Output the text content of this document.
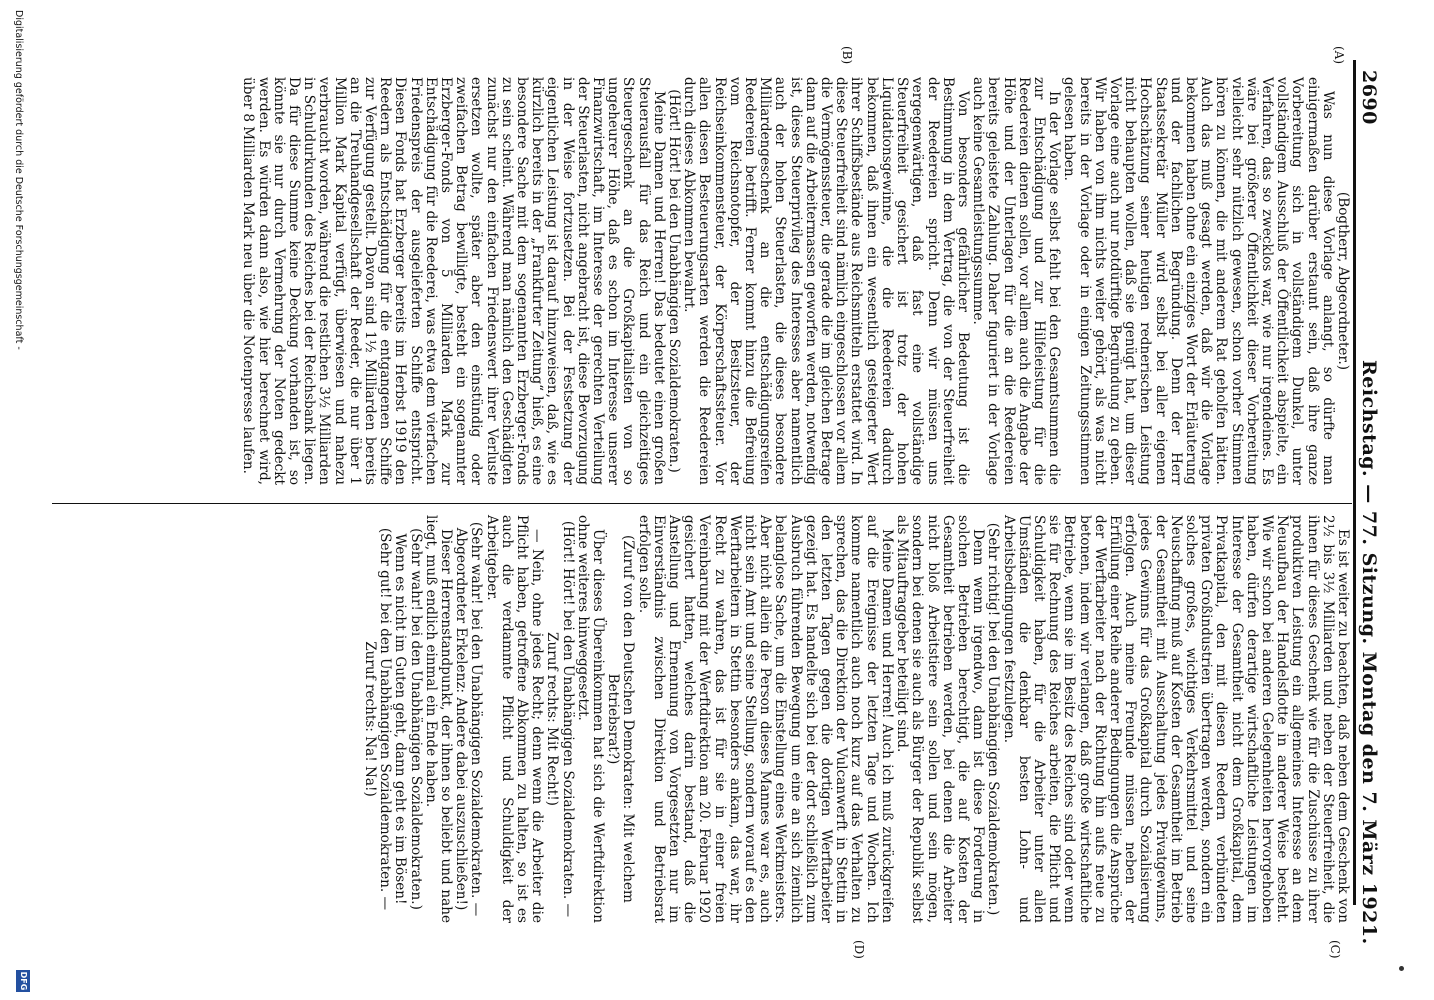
2690
Reichstag. — 77. Sitzung. Montag den 7. März 1921.
(A)
(B)
(C)
(D)

(Bogtherr, Abgeordneter.)

Was nun diese Vorlage anlangt, so dürfte man einigermaßen darüber erstaunt sein, daß ihre ganze Vorbereitung sich in vollständigem Dunkel, unter vollständigem Ausschluß der Öffentlichkeit abspielte, ein Verfahren, das so zwecklos war, wie nur irgendeines. Es wäre bei größerer Öffentlichkeit dieser Vorbereitung vielleicht sehr nützlich gewesen, schon vorher Stimmen hören zu können, die mit anderem Rat geholfen hätten. Auch das muß gesagt werden, daß wir die Vorlage bekommen haben ohne ein einziges Wort der Erläuterung und der fachlichen Begründung. Denn der Herr Staatssekretär Müller wird selbst bei aller eigenen Hochschätzung seiner heutigen rednerischen Leistung nicht behaupten wollen, daß sie genügt hat, um dieser Vorlage eine auch nur notdürftige Begründung zu geben. Wir haben von ihm nichts weiter gehört, als was nicht bereits in der Vorlage oder in einigen Zeitungsstimmen gelesen haben.

In der Vorlage selbst fehlt bei den Gesamtsummen die zur Entschädigung und zur Hilfeleistung für die Reedereien dienen sollen, vor allem auch die Angabe der Höhe und der Unterlagen für die an die Reedereien bereits geleistete Zahlung. Daher figuriert in der Vorlage auch keine Gesamtleistungssumme.

Von besonders gefährlicher Bedeutung ist die Bestimmung in dem Vertrag, die von der Steuerfreiheit der Reedereien spricht. Denn wir müssen uns vergegenwärtigen, daß fast eine vollständige Steuerfreiheit gesichert ist trotz der hohen Liquidationsgewinne, die die Reedereien dadurch bekommen, daß ihnen ein wesentlich gesteigerter Wert ihrer Schiffsbestände aus Reichsmitteln erstattet wird. In diese Steuerfreiheit sind nämlich eingeschlossen vor allem die Vermögenssteuer, die gerade die im gleichen Betrage dann auf die Arbeitermassen geworfen werden, notwendig ist, dieses Steuerprivileg des Interesses aber namentlich auch der hohen Steuerlasten, die dieses besondere Milliardengeschenk an die entschädigungsreifen Reedereien betrifft. Ferner kommt hinzu die Befreiung vom Reichsnotopfer, der Besitzsteuer, der Reichseinkommensteuer, der Körperschaftssteuer. Vor allen diesen Besteuerungsarten werden die Reedereien durch dieses Abkommen bewahrt.

(Hört! Hört! bei den Unabhängigen Sozialdemokraten.)

Meine Damen und Herren! Das bedeutet einen großen Steuerausfall für das Reich und ein gleichzeitiges Steuergeschenk an die Großkapitalisten von so ungeheurer Höhe, daß es schon im Interesse unserer Finanzwirtschaft, im Interesse der gerechten Verteilung der Steuerlasten, nicht angebracht ist, diese Bevorzugung in der Weise fortzusetzen. Bei der Festsetzung der eigentlichen Leistung ist darauf hinzuweisen, daß, wie es kürzlich bereits in der „Frankfurter Zeitung“ hieß, es eine besondere Sache mit dem sogenannten Erzberger-Fonds zu sein scheint. Während man nämlich den Geschädigten zunächst nur den einfachen Friedenswert ihrer Verluste ersetzen wollte, später aber den einstündig oder zweifachen Betrag bewilligte, besteht ein sogenannter Erzberger-Fonds von 5 Milliarden Mark zur Entschädigung für die Reederei, was etwa dem vierfachen Friedenspreis der ausgelieferten Schiffe entspricht. Diesen Fonds hat Erzberger bereits im Herbst 1919 den Reedern als Entschädigung für die entgangenen Schiffe zur Verfügung gestellt. Davon sind 1½ Milliarden bereits an die Treuhandgesellschaft der Reeder, die nur über 1 Million Mark Kapital verfügt, überwiesen und nahezu verbraucht worden, während die restlichen 3½ Milliarden in Schuldurkunden des Reiches bei der Reichsbank liegen. Da für diese Summe keine Deckung vorhanden ist, so könnte sie nur durch Vermehrung der Noten gedeckt werden. Es würden dann also, wie hier berechnet wird, über 8 Milliarden Mark neu über die Notenpresse laufen.

Es ist weiter zu beachten, daß neben dem Geschenk von 2½ bis 3½ Milliarden und neben der Steuerfreiheit, die ihnen für dieses Geschenk wie für die Zuschüsse zu ihrer produktiven Leistung ein allgemeines Interesse an dem Neuaufbau der Handelsflotte in anderer Weise besteht. Wie wir schon bei anderen Gelegenheiten hervorgehoben haben, dürfen derartige wirtschaftliche Leistungen im Interesse der Gesamtheit nicht dem Großkapital, dem Privatkapital, den mit diesen Reedern verbündeten privaten Großindustrien übertragen werden, sondern ein solches großes, wichtiges Verkehrsmittel und seine Neuschaffung muß auf Kosten der Gesamtheit im Betrieb der Gesamtheit mit Ausschaltung jedes Privatgewinns, jedes Gewinns für das Großkapital durch Sozialisierung erfolgen. Auch meine Freunde müssen neben der Erfüllung einer Reihe anderer Bedingungen die Ansprüche der Werftarbeiter nach der Richtung hin aufs neue zu betonen, indem wir verlangen, daß große wirtschaftliche Betriebe, wenn sie im Besitz des Reiches sind oder wenn sie für Rechnung des Reiches arbeiten, die Pflicht und Schuldigkeit haben, für die Arbeiter unter allen Umständen die denkbar besten Lohn- und Arbeitsbedingungen festzulegen.

(Sehr richtig! bei den Unabhängigen Sozialdemokraten.)

Denn wenn irgendwo, dann ist diese Forderung in solchen Betrieben berechtigt, die auf Kosten der Gesamtheit betrieben werden, bei denen die Arbeiter nicht bloß Arbeitstiere sein sollen und sein mögen, sondern bei denen sie auch als Bürger der Republik selbst als Mitauftraggeber beteiligt sind.

Meine Damen und Herren! Auch ich muß zurückgreifen auf die Ereignisse der letzten Tage und Wochen. Ich komme namentlich auch noch kurz auf das Verhalten zu sprechen, das die Direktion der Vulcanwerft in Stettin in den letzten Tagen gegen die dortigen Werftarbeiter gezeigt hat. Es handelte sich bei der dort schließlich zum Ausbruch führenden Bewegung um eine an sich ziemlich belanglose Sache, um die Einstellung eines Werkmeisters. Aber nicht allein die Person dieses Mannes war es, auch nicht sein Amt und seine Stellung, sondern worauf es den Werftarbeitern in Stettin besonders ankam, das war, ihr Recht zu wahren, das ist für sie in einer freien Vereinbarung mit der Werftdirektion am 20. Februar 1920 gesichert hatten, welches darin bestand, daß die Anstellung und Ernennung von Vorgesetzten nur im Einverständnis zwischen Direktion und Betriebsrat erfolgen solle.

(Zuruf von den Deutschen Demokraten: Mit welchem Betriebsrat?)

Über dieses Übereinkommen hat sich die Werftdirektion ohne weiteres hinweggesetzt.

(Hört! Hört! bei den Unabhängigen Sozialdemokraten. — Zuruf rechts: Mit Recht!)

— Nein, ohne jedes Recht; denn wenn die Arbeiter die Pflicht haben, getroffene Abkommen zu halten, so ist es auch die verdammte Pflicht und Schuldigkeit der Arbeitgeber.

(Sehr wahr! bei den Unabhängigen Sozialdemokraten. — Abgeordneter Erkelenz: Andere dabei auszuschließen!)

Dieser Herrenstandpunkt, der ihnen so beliebt und nahe liegt, muß endlich einmal ein Ende haben.

(Sehr wahr! bei den Unabhängigen Sozialdemokraten.) Wenn es nicht im Guten geht, dann geht es im Bösen!

(Sehr gut! bei den Unabhängigen Sozialdemokraten. — Zuruf rechts: Na! Na!)

Digitalisierung gefördert durch die Deutsche Forschungsgemeinschaft -
DFG
